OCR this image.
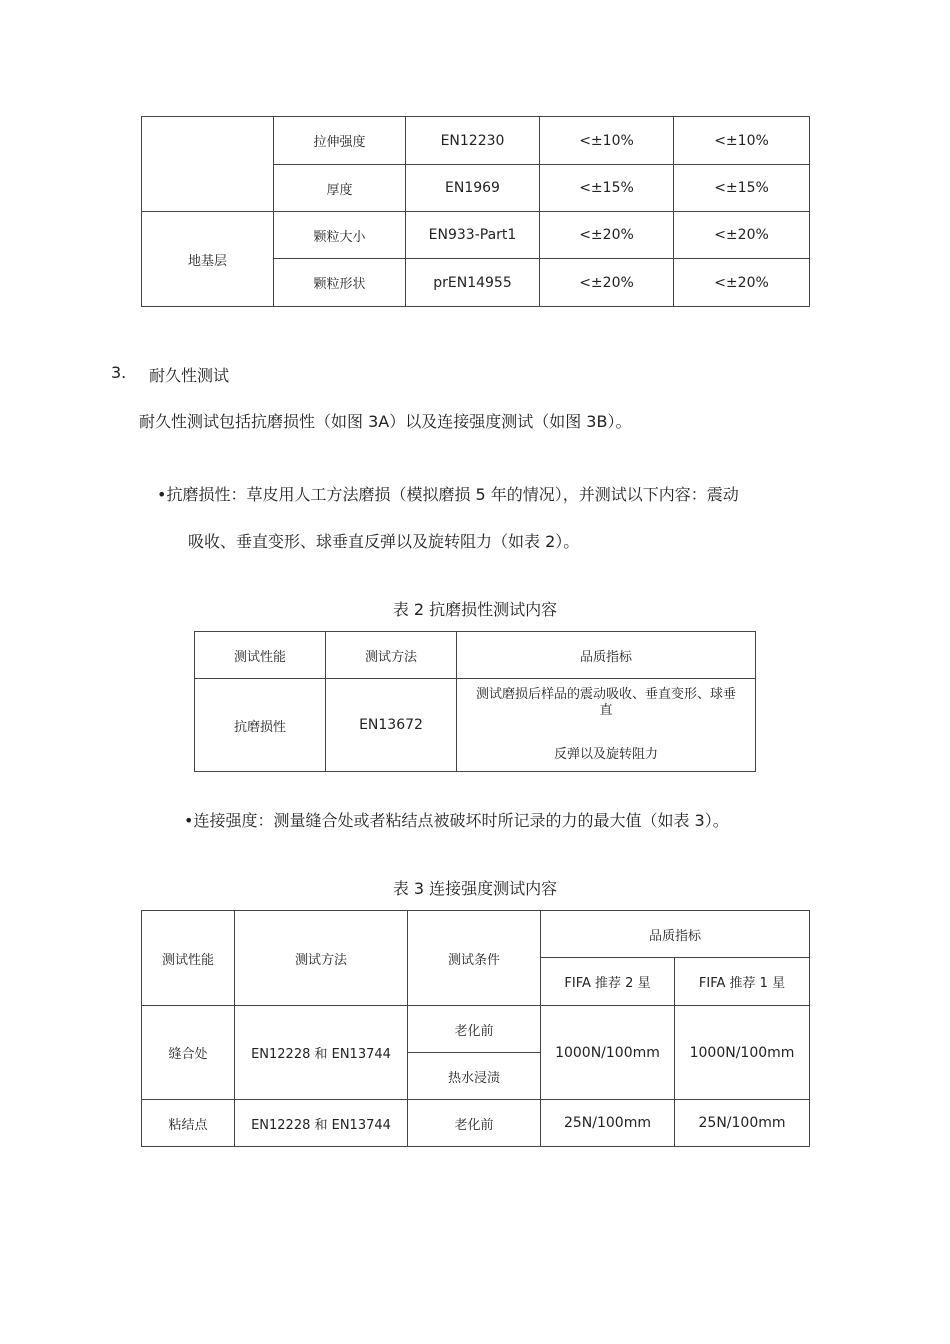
	拉伸强度	EN12230	<±10%	<±10%
	厚度	EN1969	<±15%	<±15%
地基层	颗粒大小	EN933-Part1	<±20%	<±20%
	颗粒形状	prEN14955	<±20%	<±20%
3. 耐久性测试
耐久性测试包括抗磨损性（如图 3A）以及连接强度测试（如图 3B）。
•抗磨损性：草皮用人工方法磨损（模拟磨损 5 年的情况），并测试以下内容：震动
吸收、垂直变形、球垂直反弹以及旋转阻力（如表 2）。
表 2 抗磨损性测试内容
测试性能	测试方法	品质指标
抗磨损性	EN13672	测试磨损后样品的震动吸收、垂直变形、球垂
直
反弹以及旋转阻力
•连接强度：测量缝合处或者粘结点被破坏时所记录的力的最大值（如表 3）。
表 3 连接强度测试内容
测试性能	测试方法	测试条件	品质指标	
			FIFA 推荐 2 星	FIFA 推荐 1 星
缝合处	EN12228 和 EN13744	老化前	1000N/100mm	1000N/100mm
		热水浸渍		
粘结点	EN12228 和 EN13744	老化前	25N/100mm	25N/100mm
